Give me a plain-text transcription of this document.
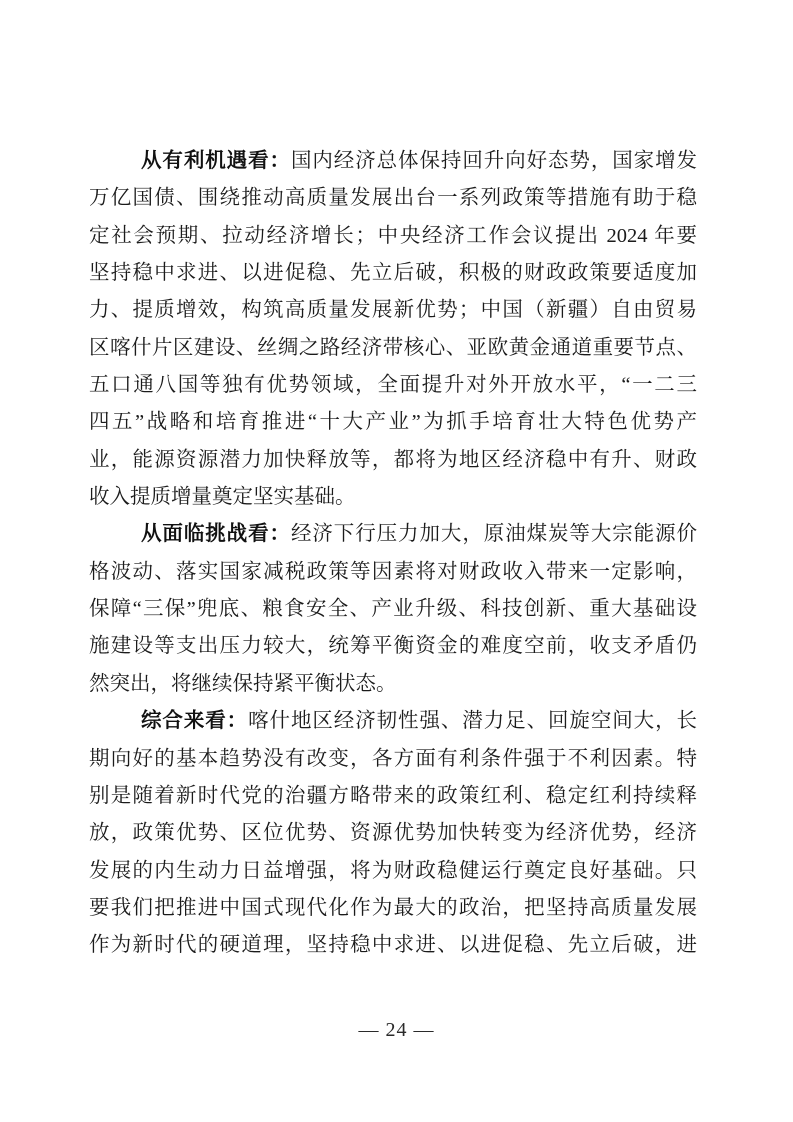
从有利机遇看：国内经济总体保持回升向好态势，国家增发
万亿国债、围绕推动高质量发展出台一系列政策等措施有助于稳
定社会预期、拉动经济增长；中央经济工作会议提出 2024 年要
坚持稳中求进、以进促稳、先立后破，积极的财政政策要适度加
力、提质增效，构筑高质量发展新优势；中国（新疆）自由贸易
区喀什片区建设、丝绸之路经济带核心、亚欧黄金通道重要节点、
五口通八国等独有优势领域，全面提升对外开放水平，“一二三
四五”战略和培育推进“十大产业”为抓手培育壮大特色优势产
业，能源资源潜力加快释放等，都将为地区经济稳中有升、财政
收入提质增量奠定坚实基础。
从面临挑战看：经济下行压力加大，原油煤炭等大宗能源价
格波动、落实国家减税政策等因素将对财政收入带来一定影响，
保障“三保”兜底、粮食安全、产业升级、科技创新、重大基础设
施建设等支出压力较大，统筹平衡资金的难度空前，收支矛盾仍
然突出，将继续保持紧平衡状态。
综合来看：喀什地区经济韧性强、潜力足、回旋空间大，长
期向好的基本趋势没有改变，各方面有利条件强于不利因素。特
别是随着新时代党的治疆方略带来的政策红利、稳定红利持续释
放，政策优势、区位优势、资源优势加快转变为经济优势，经济
发展的内生动力日益增强，将为财政稳健运行奠定良好基础。只
要我们把推进中国式现代化作为最大的政治，把坚持高质量发展
作为新时代的硬道理，坚持稳中求进、以进促稳、先立后破，进
— 24 —
